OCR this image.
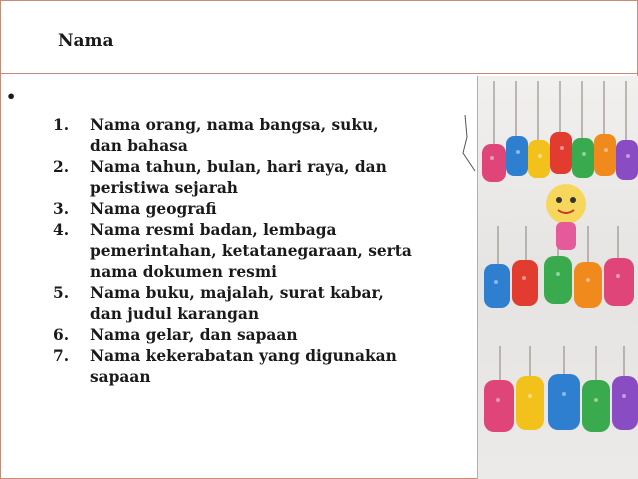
Nama
•
1. Nama orang, nama bangsa, suku, dan bahasa
2. Nama tahun, bulan, hari raya, dan peristiwa sejarah
3. Nama geografi
4. Nama resmi badan, lembaga pemerintahan, ketatanegaraan, serta nama dokumen resmi
5. Nama buku, majalah, surat kabar, dan judul karangan
6. Nama gelar, dan sapaan
7. Nama kekerabatan yang digunakan sapaan
